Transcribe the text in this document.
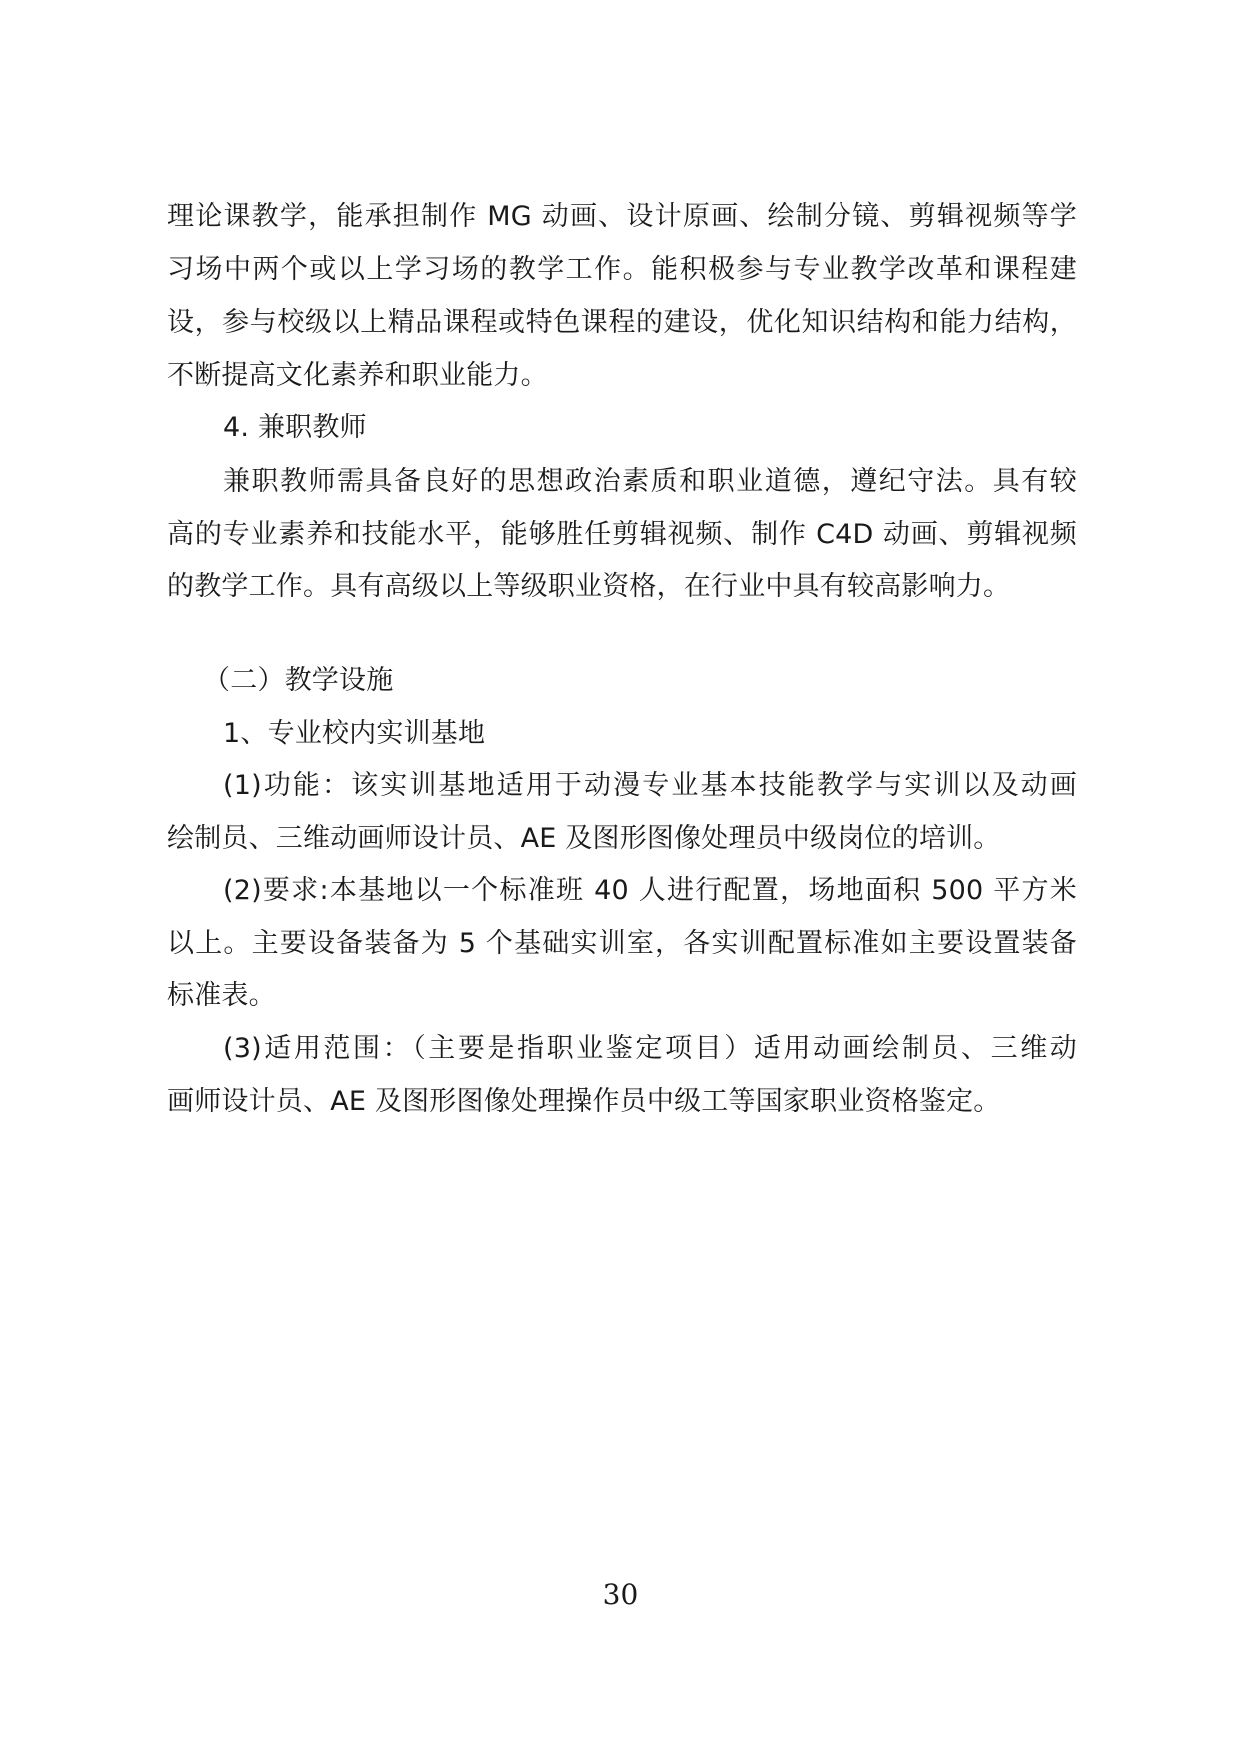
理论课教学，能承担制作 MG 动画、设计原画、绘制分镜、剪辑视频等学
习场中两个或以上学习场的教学工作。能积极参与专业教学改革和课程建
设，参与校级以上精品课程或特色课程的建设，优化知识结构和能力结构，
不断提高文化素养和职业能力。
4. 兼职教师
兼职教师需具备良好的思想政治素质和职业道德，遵纪守法。具有较
高的专业素养和技能水平，能够胜任剪辑视频、制作 C4D 动画、剪辑视频
的教学工作。具有高级以上等级职业资格，在行业中具有较高影响力。
（二）教学设施
1、专业校内实训基地
(1)功能：该实训基地适用于动漫专业基本技能教学与实训以及动画
绘制员、三维动画师设计员、AE 及图形图像处理员中级岗位的培训。
(2)要求:本基地以一个标准班 40 人进行配置，场地面积 500 平方米
以上。主要设备装备为 5 个基础实训室，各实训配置标准如主要设置装备
标准表。
(3)适用范围：（主要是指职业鉴定项目）适用动画绘制员、三维动
画师设计员、AE 及图形图像处理操作员中级工等国家职业资格鉴定。
30
